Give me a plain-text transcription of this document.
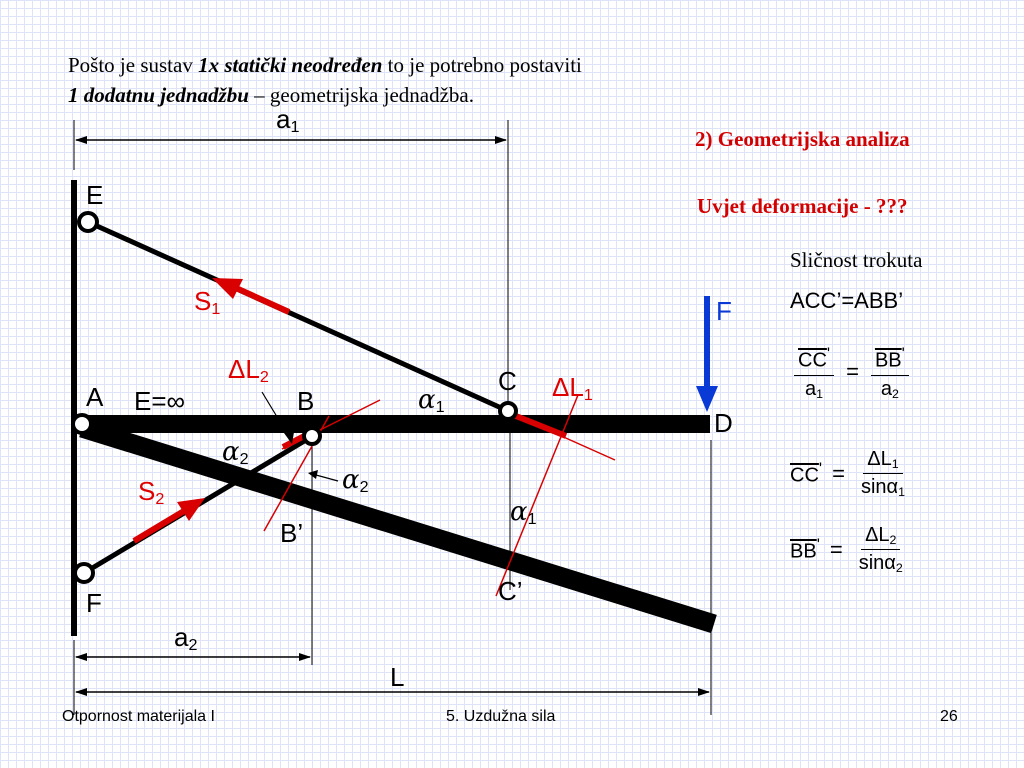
Pošto je sustav 1x statički neodređen to je potrebno postaviti
1 dodatnu jednadžbu – geometrijska jednadžba.
2) Geometrijska analiza
Uvjet deformacije - ???
Sličnost trokuta
ACC’=ABB’
$a_1$
E
$S_1$
$\Delta L_2$
A E=∞	B	$\alpha_1$
C $\Delta L_1$
F
D
$\alpha_2$
$\alpha_2$
$S_2$	$\alpha_1$
B’
C’
F
$a_2$
L
$\frac{\overline{CC}'}{a_1} = \frac{\overline{BB}'}{a_2}$
$\overline{CC}' = \frac{\Delta L_1}{\sin\alpha_1}$
$\overline{BB}' = \frac{\Delta L_2}{\sin\alpha_2}$
Otpornost materijala I	5. Uzdužna sila	26
